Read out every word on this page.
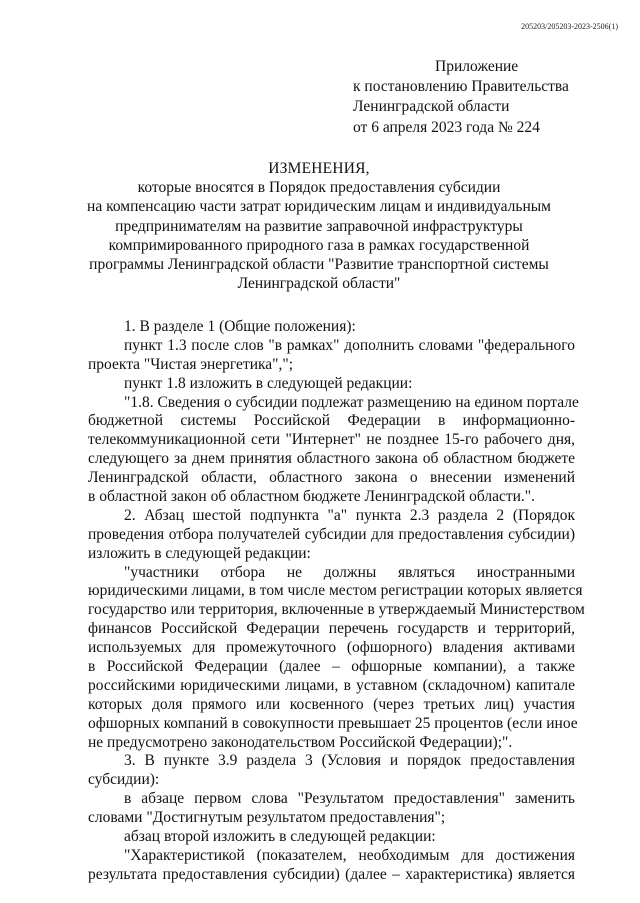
205203/205203-2023-2506(1)
Приложение
к постановлению Правительства
Ленинградской области
от 6 апреля 2023 года № 224
ИЗМЕНЕНИЯ,
которые вносятся в Порядок предоставления субсидии
на компенсацию части затрат юридическим лицам и индивидуальным
предпринимателям на развитие заправочной инфраструктуры
компримированного природного газа в рамках государственной
программы Ленинградской области "Развитие транспортной системы
Ленинградской области"
1. В разделе 1 (Общие положения):
пункт 1.3 после слов "в рамках" дополнить словами "федерального
проекта "Чистая энергетика",";
пункт 1.8 изложить в следующей редакции:
"1.8. Сведения о субсидии подлежат размещению на едином портале
бюджетной системы Российской Федерации в информационно-
телекоммуникационной сети "Интернет" не позднее 15-го рабочего дня,
следующего за днем принятия областного закона об областном бюджете
Ленинградской области, областного закона о внесении изменений
в областной закон об областном бюджете Ленинградской области.".
2. Абзац шестой подпункта "а" пункта 2.3 раздела 2 (Порядок
проведения отбора получателей субсидии для предоставления субсидии)
изложить в следующей редакции:
"участники отбора не должны являться иностранными
юридическими лицами, в том числе местом регистрации которых является
государство или территория, включенные в утверждаемый Министерством
финансов Российской Федерации перечень государств и территорий,
используемых для промежуточного (офшорного) владения активами
в Российской Федерации (далее – офшорные компании), а также
российскими юридическими лицами, в уставном (складочном) капитале
которых доля прямого или косвенного (через третьих лиц) участия
офшорных компаний в совокупности превышает 25 процентов (если иное
не предусмотрено законодательством Российской Федерации);".
3. В пункте 3.9 раздела 3 (Условия и порядок предоставления
субсидии):
в абзаце первом слова "Результатом предоставления" заменить
словами "Достигнутым результатом предоставления";
абзац второй изложить в следующей редакции:
"Характеристикой (показателем, необходимым для достижения
результата предоставления субсидии) (далее – характеристика) является
